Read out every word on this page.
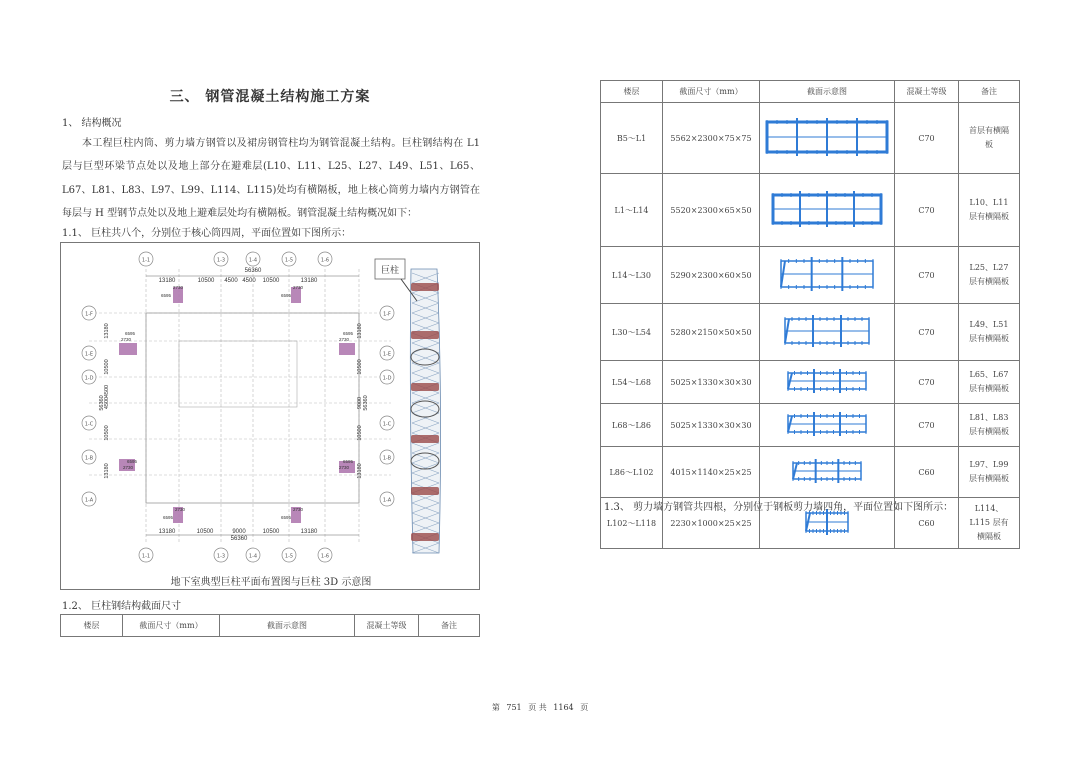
三、 钢管混凝土结构施工方案
1、 结构概况
本工程巨柱内筒、剪力墙方钢管以及裙房钢管柱均为钢管混凝土结构。巨柱钢结构在 L1 层与巨型环梁节点处以及地上部分在避难层(L10、L11、L25、L27、L49、L51、L65、L67、L81、L83、L97、L99、L114、L115)处均有横隔板，地上核心筒剪力墙内方钢管在每层与 H 型钢节点处以及地上避难层处均有横隔板。钢管混凝土结构概况如下：
1.1、 巨柱共八个，分别位于核心筒四周，平面位置如下图所示：
1-1
1-1
1-3
1-3
1-4
1-4
1-5
1-5
1-6
1-6
1-F	1-F
1-E	1-E
1-D	1-D
1-C	1-C
1-B	1-B
1-A	1-A
56360
13180	10500 4500 4500 10500	13180
13180	10500	9000	10500	13180
56360
13180
10500
4500
4500
10500
13180
56360
13180
10500
9000
10500
13180
56360
2730
6595
2730
6595
2730
6595
2730
6595
2730
6595
2730
6595
2730
6595
2730
6595
巨柱
地下室典型巨柱平面布置图与巨柱 3D 示意图
1.2、 巨柱钢结构截面尺寸
楼层	截面尺寸（mm）	截面示意图	混凝土等级	备注
楼层	截面尺寸（mm）	截面示意图	混凝土等级	备注
B5～L1	5562×2300×75×75		C70	首层有横隔板
L1～L14	5520×2300×65×50		C70	L10、L11 层有横隔板
L14～L30	5290×2300×60×50		C70	L25、L27 层有横隔板
L30～L54	5280×2150×50×50		C70	L49、L51 层有横隔板
L54～L68	5025×1330×30×30		C70	L65、L67 层有横隔板
L68～L86	5025×1330×30×30		C70	L81、L83 层有横隔板
L86～L102	4015×1140×25×25		C60	L97、L99 层有横隔板
L102～L118	2230×1000×25×25		C60	L114、L115 层有横隔板
1.3、 剪力墙方钢管共四根，分别位于钢板剪力墙四角，平面位置如下图所示：
第 751 页 共 1164 页
